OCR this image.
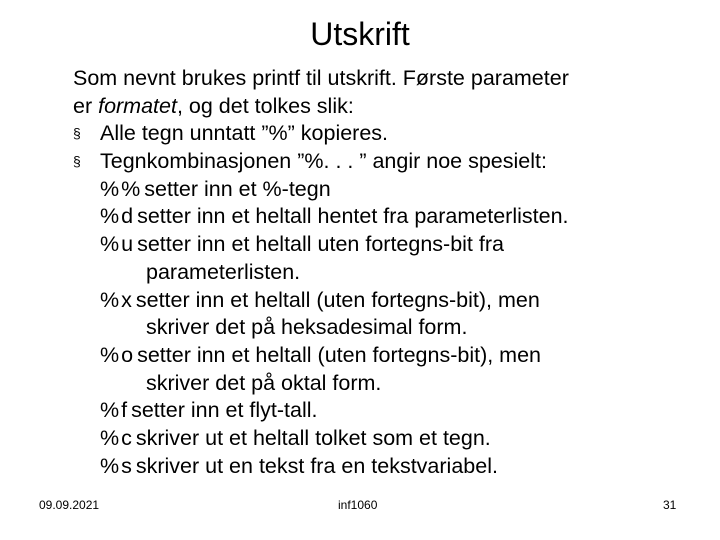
Utskrift
Som nevnt brukes printf til utskrift. Første parameter
er formatet, og det tolkes slik:
§ Alle tegn unntatt ”%” kopieres.
§ Tegnkombinasjonen ”%. . . ” angir noe spesielt:
%%setter inn et %-tegn
%dsetter inn et heltall hentet fra parameterlisten.
%usetter inn et heltall uten fortegns-bit fra
parameterlisten.
%xsetter inn et heltall (uten fortegns-bit), men
skriver det på heksadesimal form.
%osetter inn et heltall (uten fortegns-bit), men
skriver det på oktal form.
%fsetter inn et flyt-tall.
%cskriver ut et heltall tolket som et tegn.
%sskriver ut en tekst fra en tekstvariabel.
09.09.2021	inf1060	31
